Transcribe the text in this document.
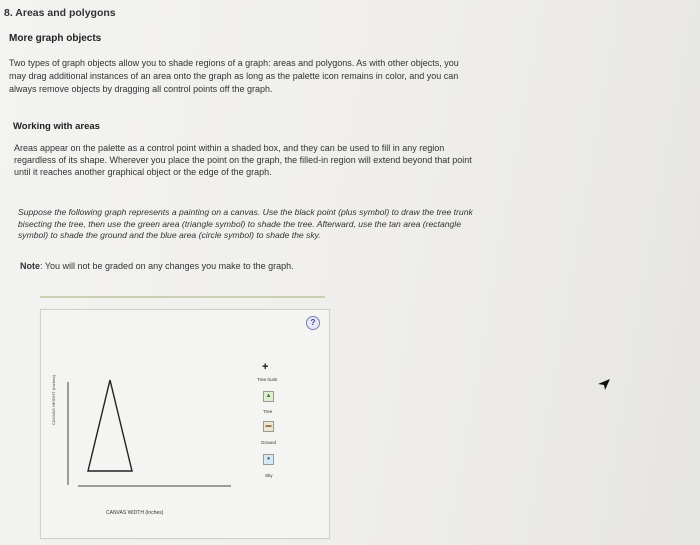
8. Areas and polygons
More graph objects
Two types of graph objects allow you to shade regions of a graph: areas and polygons. As with other objects, you may drag additional instances of an area onto the graph as long as the palette icon remains in color, and you can always remove objects by dragging all control points off the graph.
Working with areas
Areas appear on the palette as a control point within a shaded box, and they can be used to fill in any region regardless of its shape. Wherever you place the point on the graph, the filled-in region will extend beyond that point until it reaches another graphical object or the edge of the graph.
Suppose the following graph represents a painting on a canvas. Use the black point (plus symbol) to draw the tree trunk bisecting the tree, then use the green area (triangle symbol) to shade the tree. Afterward, use the tan area (rectangle symbol) to shade the ground and the blue area (circle symbol) to shade the sky.
Note: You will not be graded on any changes you make to the graph.
?
CANVAS HEIGHT (Inches)
CANVAS WIDTH (Inches)
+
Tree trunk
▲
Tree
▬
Ground
●
Sky
